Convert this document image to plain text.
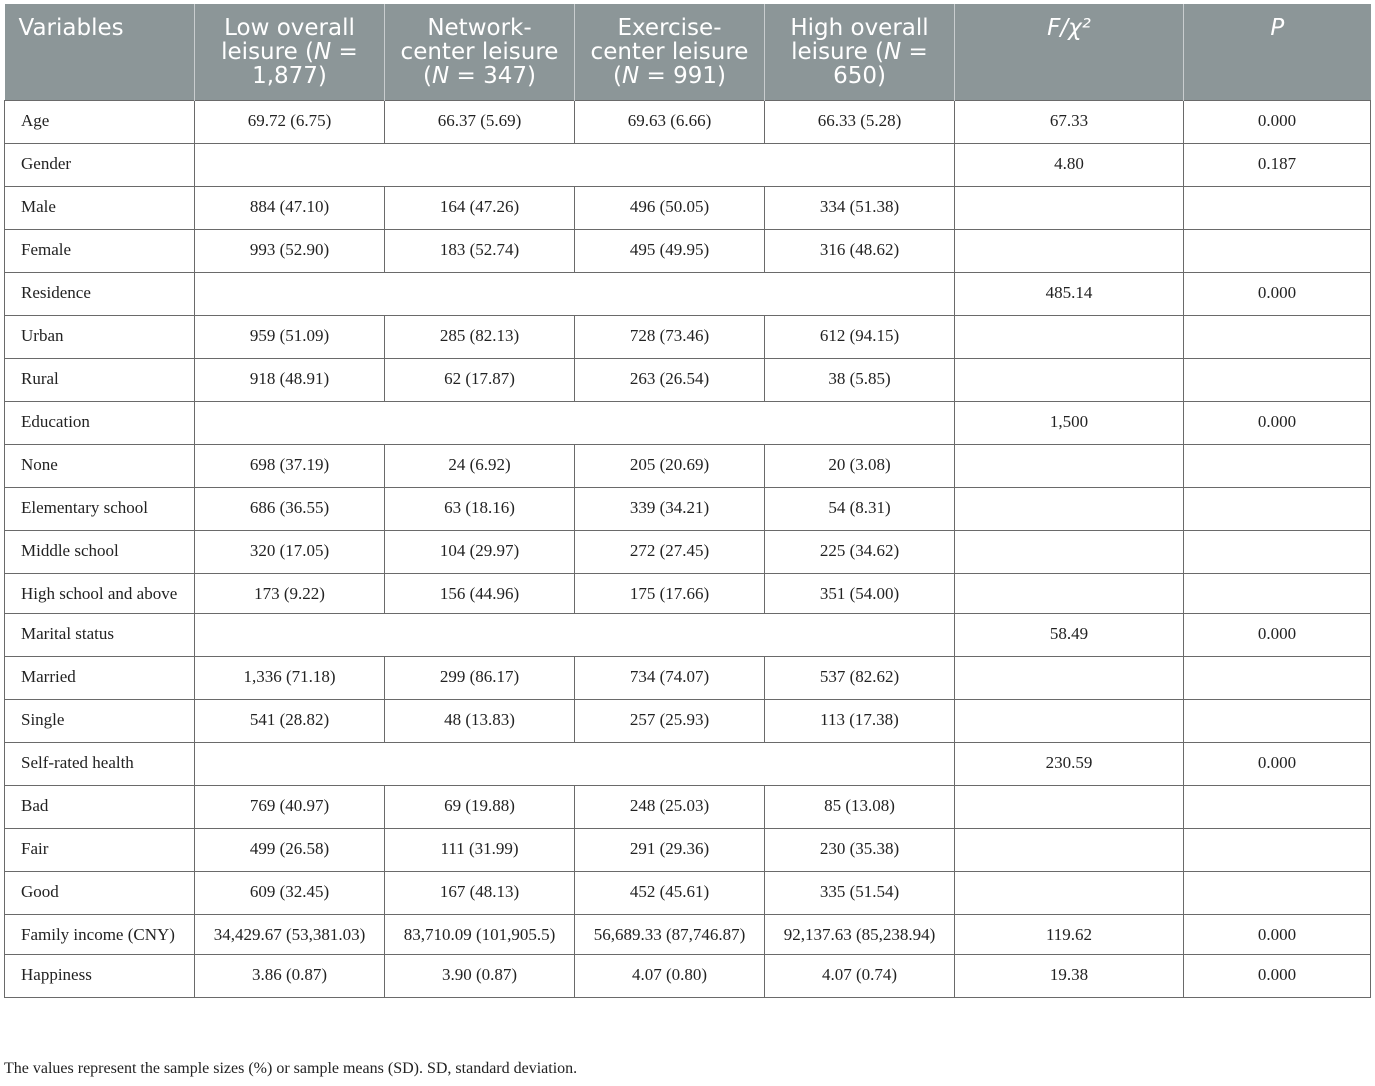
Variables	Low overall leisure (N = 1,877)	Network-center leisure (N = 347)	Exercise-center leisure (N = 991)	High overall leisure (N = 650)	F/χ²	P
Age	69.72 (6.75)	66.37 (5.69)	69.63 (6.66)	66.33 (5.28)	67.33	0.000
Gender					4.80	0.187
Male	884 (47.10)	164 (47.26)	496 (50.05)	334 (51.38)		
Female	993 (52.90)	183 (52.74)	495 (49.95)	316 (48.62)		
Residence					485.14	0.000
Urban	959 (51.09)	285 (82.13)	728 (73.46)	612 (94.15)		
Rural	918 (48.91)	62 (17.87)	263 (26.54)	38 (5.85)		
Education					1,500	0.000
None	698 (37.19)	24 (6.92)	205 (20.69)	20 (3.08)		
Elementary school	686 (36.55)	63 (18.16)	339 (34.21)	54 (8.31)		
Middle school	320 (17.05)	104 (29.97)	272 (27.45)	225 (34.62)		
High school and above	173 (9.22)	156 (44.96)	175 (17.66)	351 (54.00)		
Marital status					58.49	0.000
Married	1,336 (71.18)	299 (86.17)	734 (74.07)	537 (82.62)		
Single	541 (28.82)	48 (13.83)	257 (25.93)	113 (17.38)		
Self-rated health					230.59	0.000
Bad	769 (40.97)	69 (19.88)	248 (25.03)	85 (13.08)		
Fair	499 (26.58)	111 (31.99)	291 (29.36)	230 (35.38)		
Good	609 (32.45)	167 (48.13)	452 (45.61)	335 (51.54)		
Family income (CNY)	34,429.67 (53,381.03)	83,710.09 (101,905.5)	56,689.33 (87,746.87)	92,137.63 (85,238.94)	119.62	0.000
Happiness	3.86 (0.87)	3.90 (0.87)	4.07 (0.80)	4.07 (0.74)	19.38	0.000
The values represent the sample sizes (%) or sample means (SD). SD, standard deviation.
